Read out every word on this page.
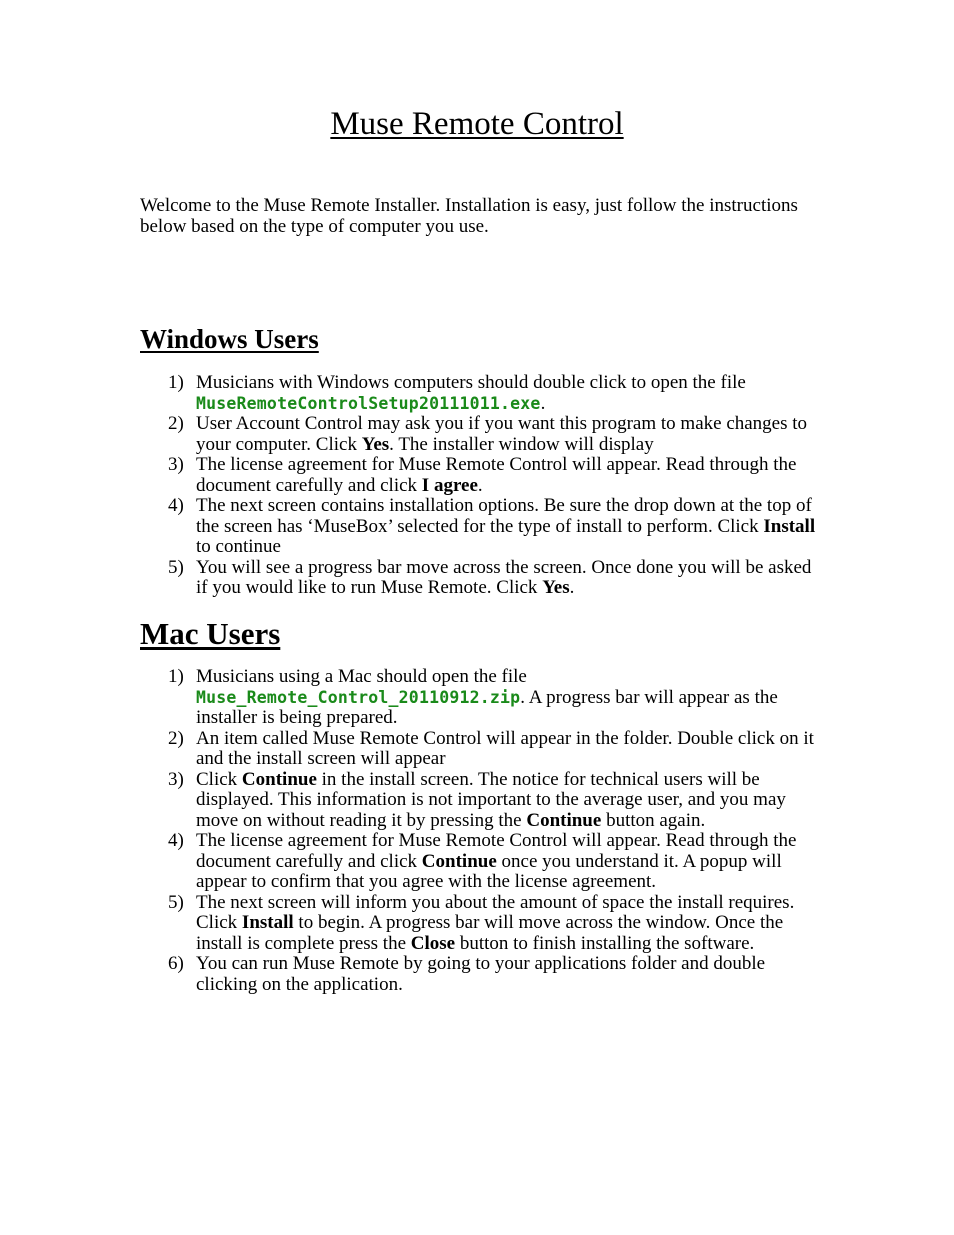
Muse Remote Control

Welcome to the Muse Remote Installer. Installation is easy, just follow the instructions below based on the type of computer you use.

Windows Users
1) Musicians with Windows computers should double click to open the file MuseRemoteControlSetup20111011.exe.
2) User Account Control may ask you if you want this program to make changes to your computer. Click Yes. The installer window will display
3) The license agreement for Muse Remote Control will appear. Read through the document carefully and click I agree.
4) The next screen contains installation options. Be sure the drop down at the top of the screen has ‘MuseBox’ selected for the type of install to perform. Click Install to continue
5) You will see a progress bar move across the screen. Once done you will be asked if you would like to run Muse Remote. Click Yes.
Mac Users
1) Musicians using a Mac should open the file Muse_Remote_Control_20110912.zip. A progress bar will appear as the installer is being prepared.
2) An item called Muse Remote Control will appear in the folder. Double click on it and the install screen will appear
3) Click Continue in the install screen. The notice for technical users will be displayed. This information is not important to the average user, and you may move on without reading it by pressing the Continue button again.
4) The license agreement for Muse Remote Control will appear. Read through the document carefully and click Continue once you understand it. A popup will appear to confirm that you agree with the license agreement.
5) The next screen will inform you about the amount of space the install requires. Click Install to begin. A progress bar will move across the window. Once the install is complete press the Close button to finish installing the software.
6) You can run Muse Remote by going to your applications folder and double clicking on the application.
